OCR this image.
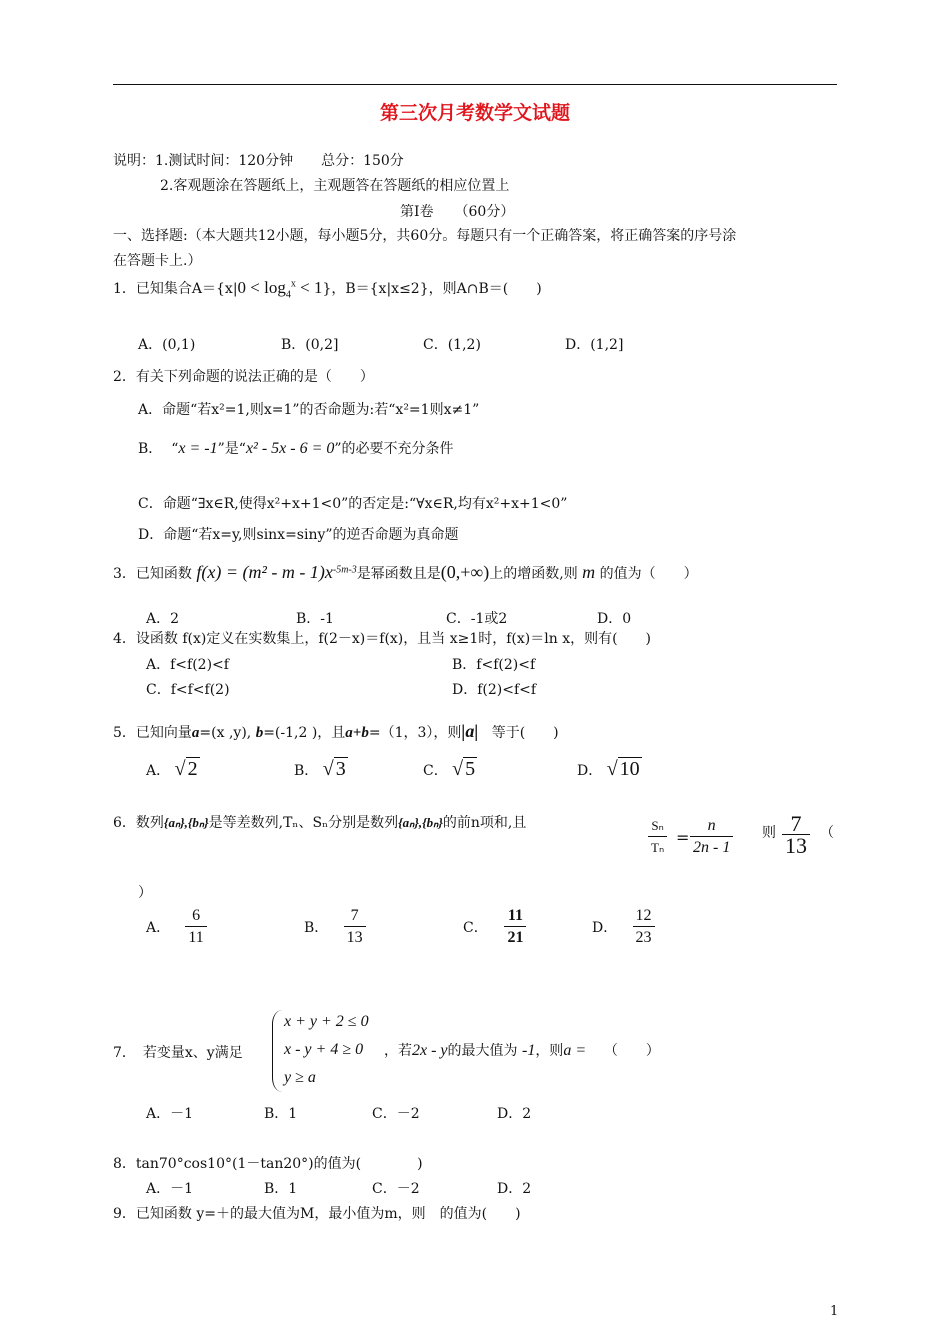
第三次月考数学文试题
说明：1.测试时间：120分钟　　总分：150分
2.客观题涂在答题纸上，主观题答在答题纸的相应位置上
第Ⅰ卷　　（60分）
一、选择题:（本大题共12小题，每小题5分，共60分。每题只有一个正确答案，将正确答案的序号涂
在答题卡上.）
1．已知集合$A=\{x|0 < \log_4^x < 1\}$，B＝{x|x≤2}，则A∩B＝(　　)
A．(0,1)	B．(0,2]	C．(1,2)	D．(1,2]
2．有关下列命题的说法正确的是（　　）
A．命题“若x²=1,则x=1”的否命题为:若“x²=1则x≠1”
B． “x = -1”是“x² - 5x - 6 = 0”的必要不充分条件
C．命题“∃x∈R,使得x²+x+1<0”的否定是:“∀x∈R,均有x²+x+1<0”
D．命题“若x=y,则sinx=siny”的逆否命题为真命题
3．已知函数 $f(x) = (m^2 - m - 1)x^{-5m-3}$是幂函数且是(0,+∞)上的增函数,则 m 的值为（　　）
A．2	B．-1	C．-1或2	D．0
4．设函数 f(x)定义在实数集上，f(2－x)＝f(x)，且当 x≥1时，f(x)＝ln x，则有(　　)
A．f<f(2)<f	B．f<f(2)<f
C．f<f<f(2)	D．f(2)<f<f
5．已知向量a=(x ,y), b=(-1,2 )，且a+b=（1，3），则|a| 等于(　　)
A． √ 2	B． √ 3	C． √ 5	D． √ 10
6．数列{aₙ},{bₙ}是等差数列,Tₙ、Sₙ分别是数列{aₙ},{bₙ}的前n项和,且	$\frac{\text{Sₙ}}{\text{Tₙ}} = \frac{n}{2n - 1}$ 则 $\frac{7}{13}$ （
）
A． $\frac{6}{11}$	B． $\frac{7}{13}$	C． $\frac{11}{21}$	D． $\frac{12}{23}$
7．　若变量x、y满足
x + y + 2 ≤ 0
x - y + 4 ≥ 0
y ≥ a
，若2x - y的最大值为 -1，则a = （　　）
A．－1	B．1	C．－2	D．2
8．tan70°cos10°(1－tan20°)的值为(　　　　)
A．－1	B．1	C．－2	D．2
9．已知函数 y=＋的最大值为M，最小值为m，则　的值为(　　)
1
